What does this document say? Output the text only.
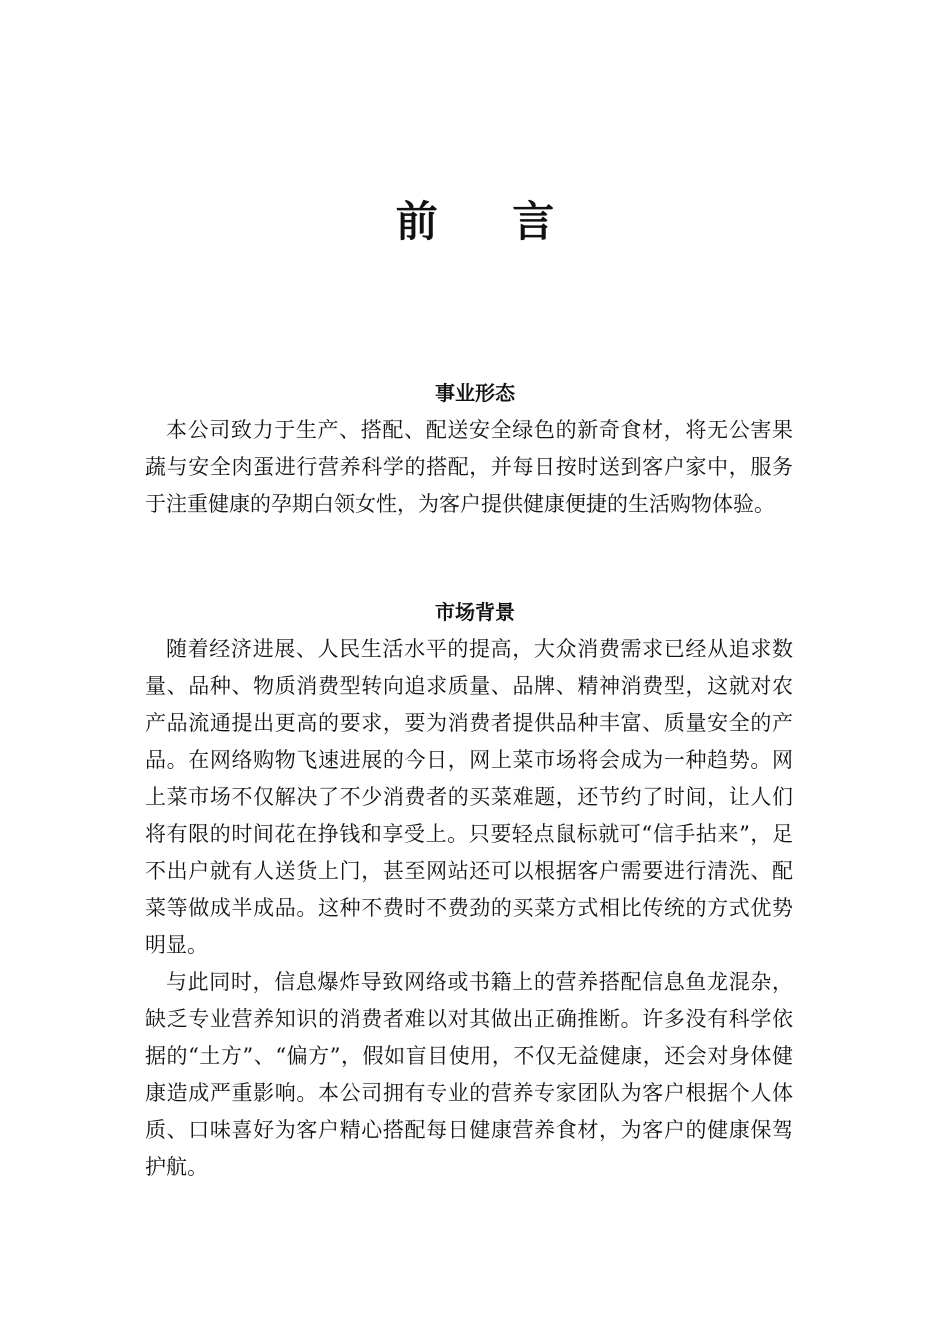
前 言
事业形态

本公司致力于生产、搭配、配送安全绿色的新奇食材，将无公害果蔬与安全肉蛋进行营养科学的搭配，并每日按时送到客户家中，服务于注重健康的孕期白领女性，为客户提供健康便捷的生活购物体验。

市场背景

随着经济进展、人民生活水平的提高，大众消费需求已经从追求数量、品种、物质消费型转向追求质量、品牌、精神消费型，这就对农产品流通提出更高的要求，要为消费者提供品种丰富、质量安全的产品。在网络购物飞速进展的今日，网上菜市场将会成为一种趋势。网上菜市场不仅解决了不少消费者的买菜难题，还节约了时间，让人们将有限的时间花在挣钱和享受上。只要轻点鼠标就可“信手拈来”，足不出户就有人送货上门，甚至网站还可以根据客户需要进行清洗、配菜等做成半成品。这种不费时不费劲的买菜方式相比传统的方式优势明显。

与此同时，信息爆炸导致网络或书籍上的营养搭配信息鱼龙混杂，缺乏专业营养知识的消费者难以对其做出正确推断。许多没有科学依据的“土方”、“偏方”，假如盲目使用，不仅无益健康，还会对身体健康造成严重影响。本公司拥有专业的营养专家团队为客户根据个人体质、口味喜好为客户精心搭配每日健康营养食材，为客户的健康保驾护航。
